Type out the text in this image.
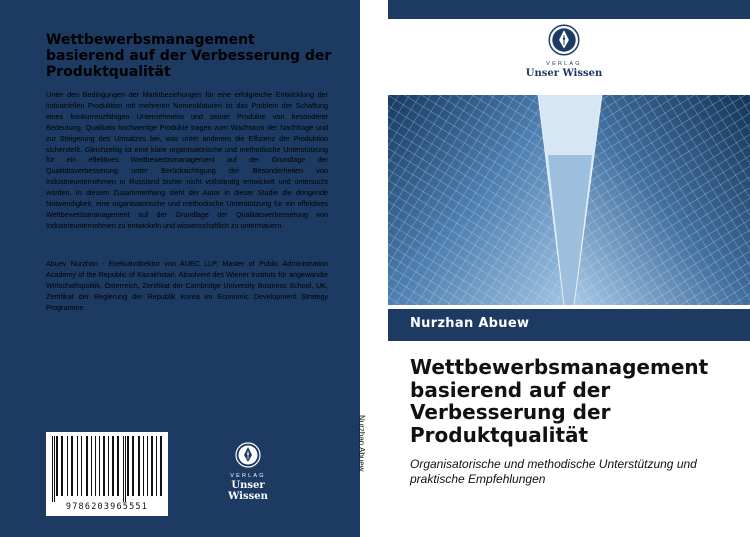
Wettbewerbsmanagement basierend auf der Verbesserung der Produktqualität

Unter den Bedingungen der Marktbeziehungen für eine erfolgreiche Entwicklung der industriellen Produktion mit mehreren Nomenklaturen ist das Problem der Schaffung eines konkurrenzfähigen Unternehmens und seiner Produkte von besonderer Bedeutung. Qualitativ hochwertige Produkte tragen zum Wachstum der Nachfrage und zur Steigerung des Umsatzes bei, was unter anderem die Effizienz der Produktion sicherstellt. Gleichzeitig ist eine klare organisatorische und methodische Unterstützung für ein effektives Wettbewerbsmanagement auf der Grundlage der Qualitätsverbesserung unter Berücksichtigung der Besonderheiten von Industrieunternehmen in Russland bisher nicht vollständig entwickelt und untersucht worden. In diesem Zusammenhang sieht der Autor in dieser Studie die dringende Notwendigkeit, eine organisatorische und methodische Unterstützung für ein effektives Wettbewerbsmanagement auf der Grundlage der Qualitätsverbesserung von Industrieunternehmen zu entwickeln und wissenschaftlich zu untermauern.

Abuev Nurzhan - Exekutivdirektor von AUEC LLP, Master of Public Administration Academy of the Republic of Kazakhstan. Absolvent des Wiener Instituts für angewandte Wirtschaftspolitik, Österreich, Zertifikat der Cambridge University Business School, UK, Zertifikat der Regierung der Republik Korea im Economic Development Strategy Programme.

9786203965551
VERLAG
Unser Wissen
Nurzhan Abuew
VERLAG
Unser Wissen
Nurzhan Abuew
Wettbewerbsmanagement basierend auf der Verbesserung der Produktqualität

Organisatorische und methodische Unterstützung und praktische Empfehlungen
